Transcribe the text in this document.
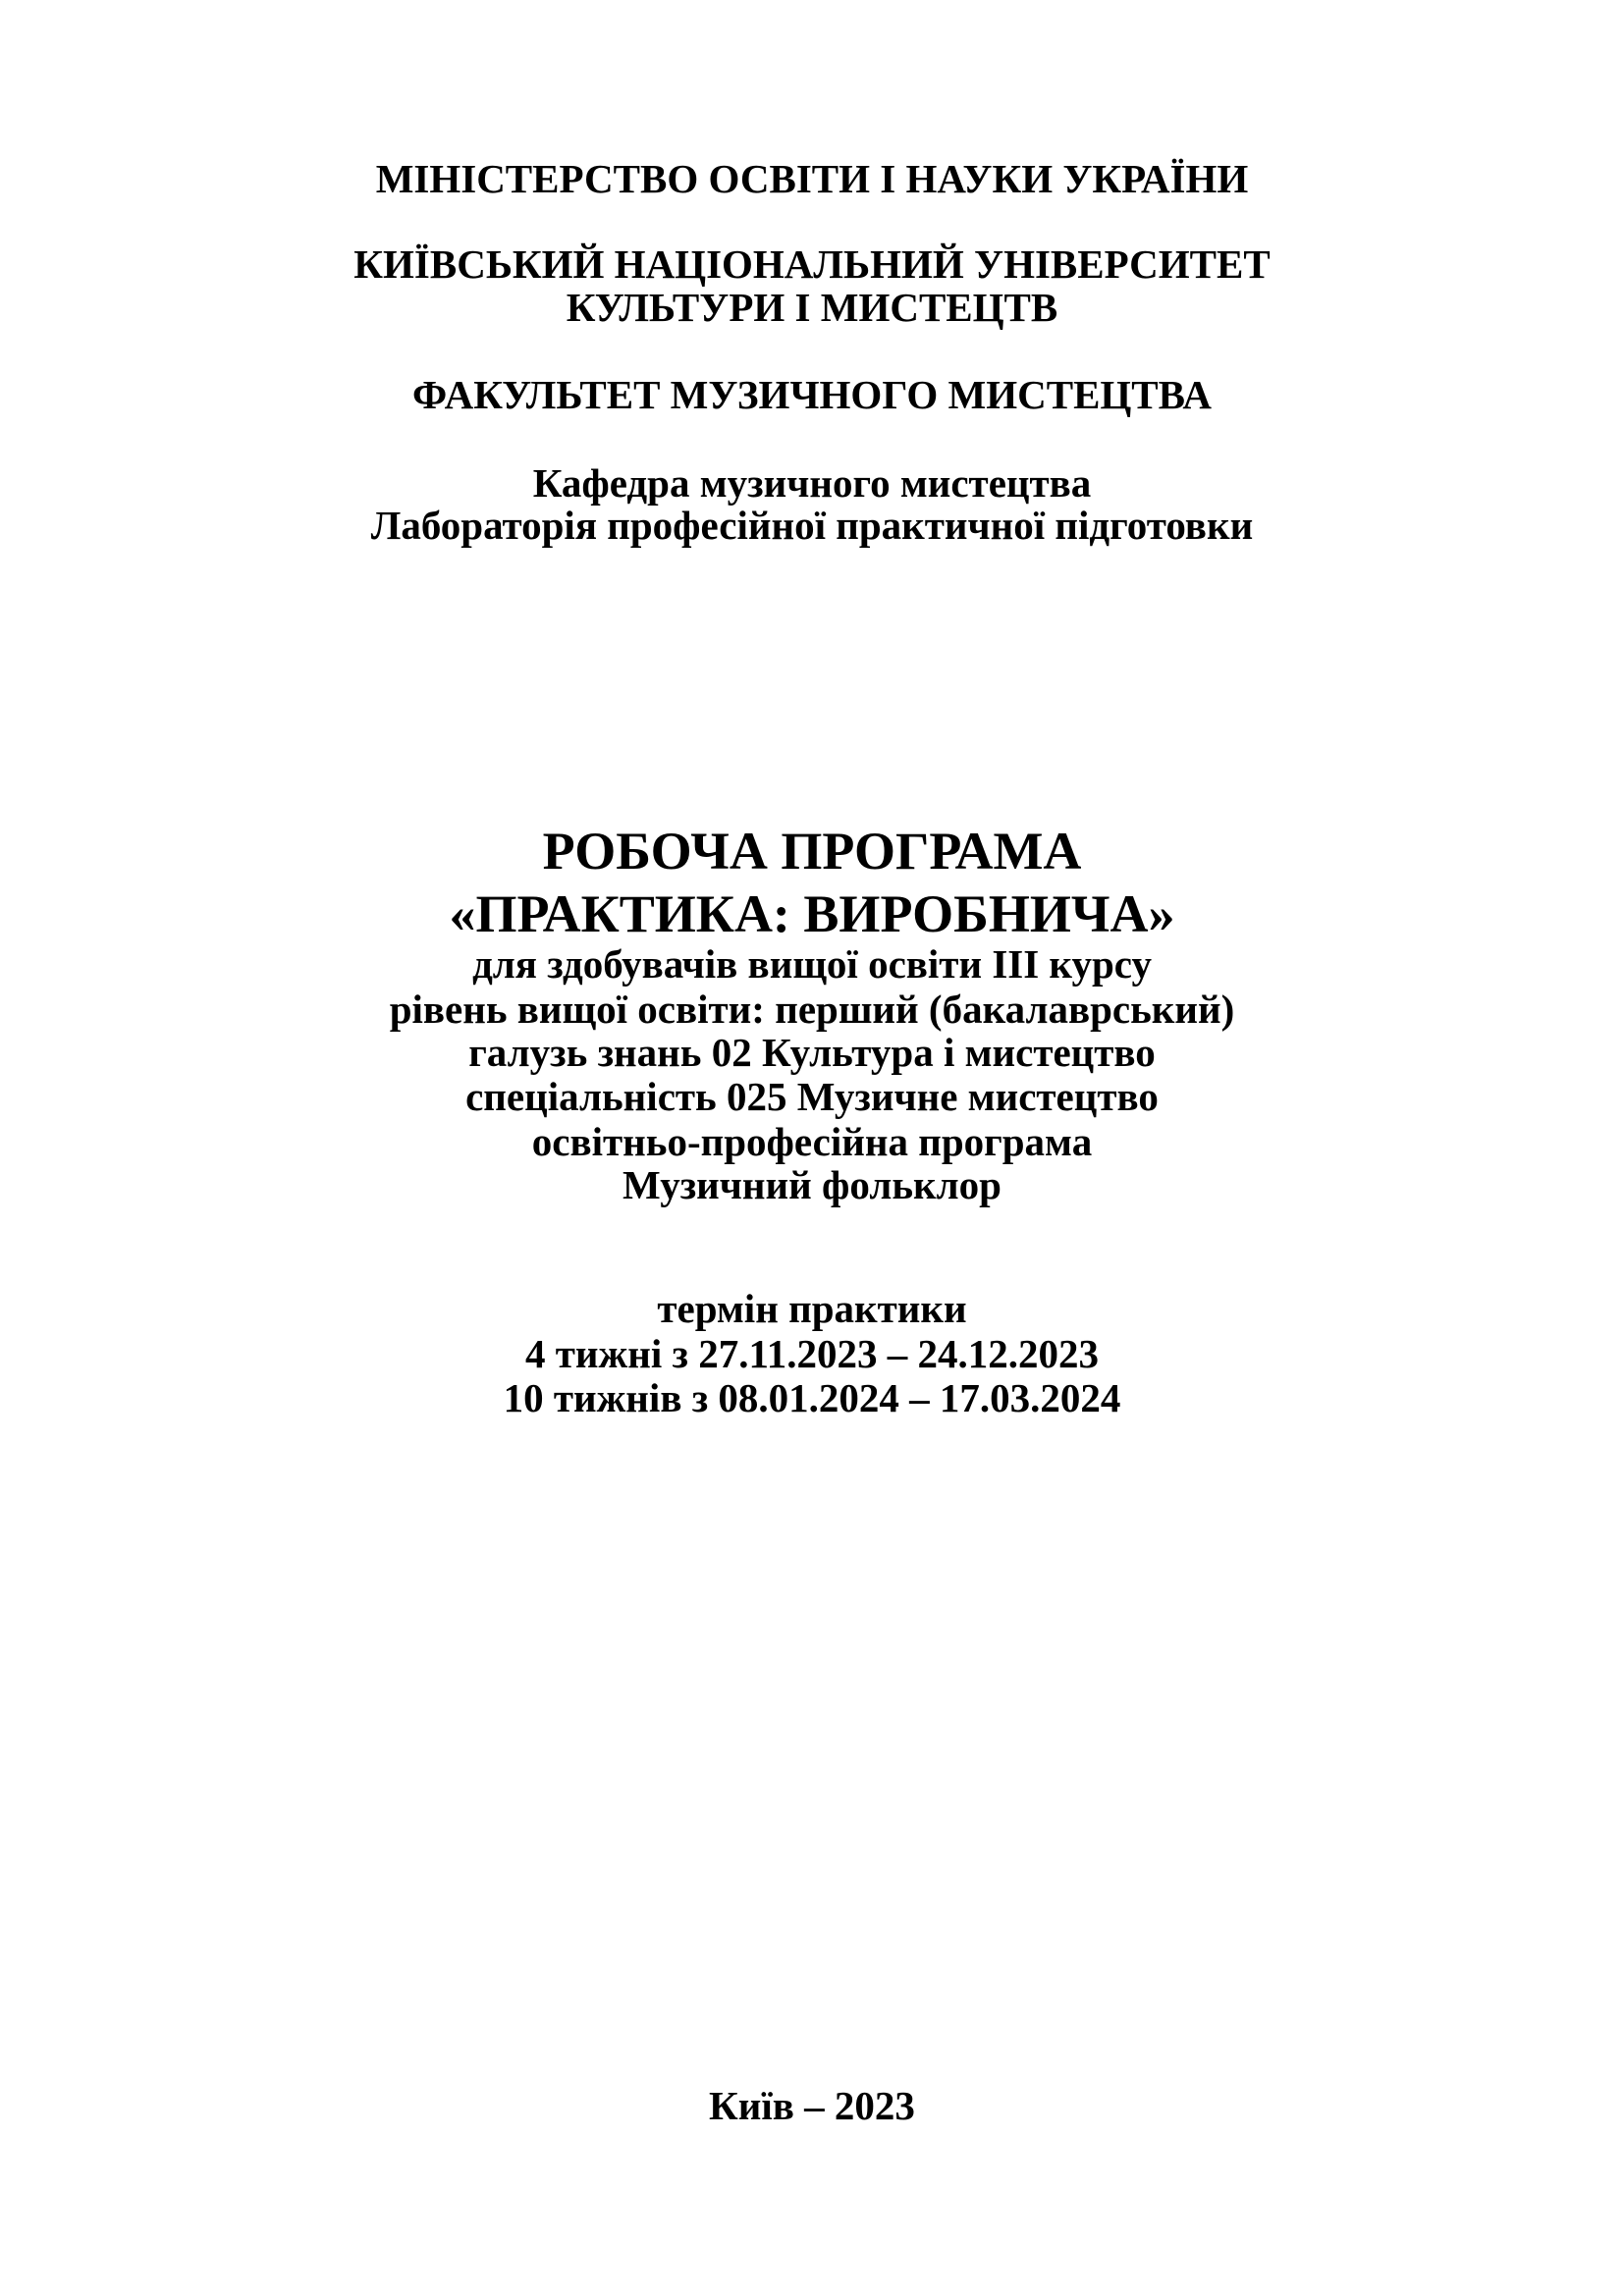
МІНІСТЕРСТВО ОСВІТИ І НАУКИ УКРАЇНИ

КИЇВСЬКИЙ НАЦІОНАЛЬНИЙ УНІВЕРСИТЕТ

КУЛЬТУРИ І МИСТЕЦТВ

ФАКУЛЬТЕТ МУЗИЧНОГО МИСТЕЦТВА

Кафедра музичного мистецтва

Лабораторія професійної практичної підготовки

РОБОЧА ПРОГРАМА

«ПРАКТИКА: ВИРОБНИЧА»

для здобувачів вищої освіти ІІІ курсу

рівень вищої освіти: перший (бакалаврський)

галузь знань 02 Культура і мистецтво

спеціальність 025 Музичне мистецтво

освітньо-професійна програма

Музичний фольклор

термін практики

4 тижні з 27.11.2023 – 24.12.2023

10 тижнів з 08.01.2024 – 17.03.2024

Київ – 2023
